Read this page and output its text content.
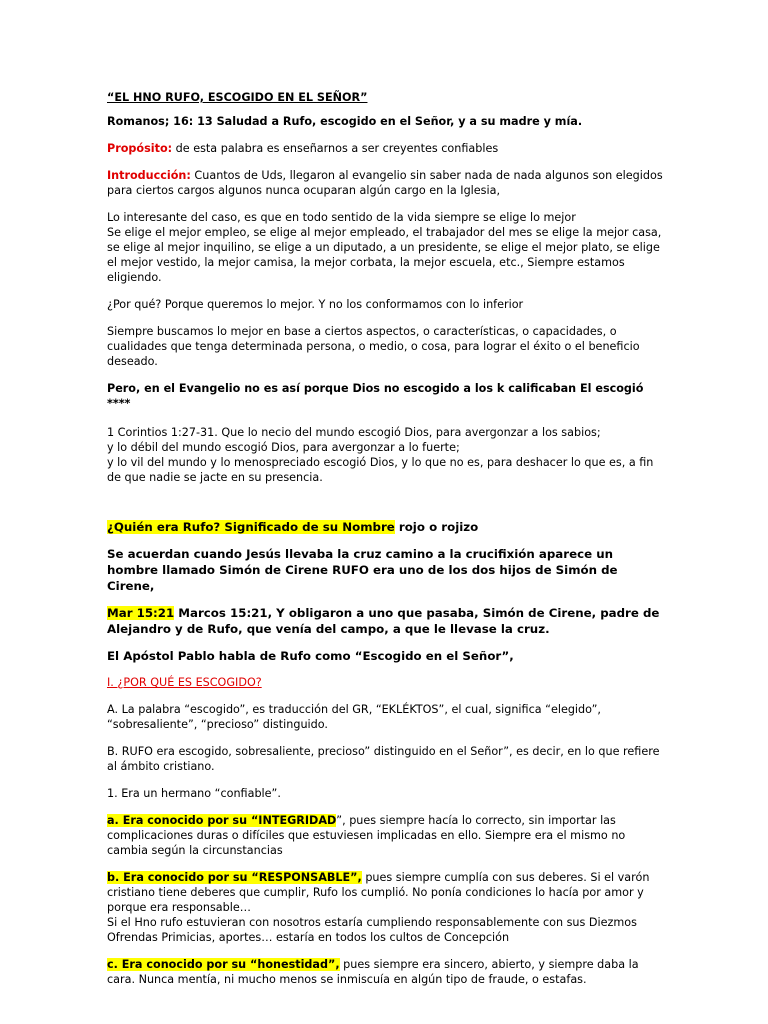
“EL HNO RUFO, ESCOGIDO EN EL SEÑOR”

Romanos; 16: 13 Saludad a Rufo, escogido en el Señor, y a su madre y mía.

Propósito: de esta palabra es enseñarnos a ser creyentes confiables

Introducción: Cuantos de Uds, llegaron al evangelio sin saber nada de nada algunos son elegidos para ciertos cargos algunos nunca ocuparan algún cargo en la Iglesia,

Lo interesante del caso, es que en todo sentido de la vida siempre se elige lo mejor

Se elige el mejor empleo, se elige al mejor empleado, el trabajador del mes se elige la mejor casa, se elige al mejor inquilino, se elige a un diputado, a un presidente, se elige el mejor plato, se elige el mejor vestido, la mejor camisa, la mejor corbata, la mejor escuela, etc., Siempre estamos eligiendo.

¿Por qué? Porque queremos lo mejor. Y no los conformamos con lo inferior

Siempre buscamos lo mejor en base a ciertos aspectos, o características, o capacidades, o cualidades que tenga determinada persona, o medio, o cosa, para lograr el éxito o el beneficio deseado.

Pero, en el Evangelio no es así porque Dios no escogido a los k calificaban El escogió ****

1 Corintios 1:27-31. Que lo necio del mundo escogió Dios, para avergonzar a los sabios;

y lo débil del mundo escogió Dios, para avergonzar a lo fuerte;

y lo vil del mundo y lo menospreciado escogió Dios, y lo que no es, para deshacer lo que es, a fin de que nadie se jacte en su presencia.

¿Quién era Rufo? Significado de su Nombre rojo o rojizo

Se acuerdan cuando Jesús llevaba la cruz camino a la crucifixión aparece un hombre llamado Simón de Cirene RUFO era uno de los dos hijos de Simón de Cirene,

Mar 15:21 Marcos 15:21, Y obligaron a uno que pasaba, Simón de Cirene, padre de Alejandro y de Rufo, que venía del campo, a que le llevase la cruz.

El Apóstol Pablo habla de Rufo como “Escogido en el Señor”,

I. ¿POR QUÉ ES ESCOGIDO?

A. La palabra “escogido”, es traducción del GR, “EKLÉKTOS”, el cual, significa “elegido”, “sobresaliente”, “precioso” distinguido.

B. RUFO era escogido, sobresaliente, precioso” distinguido en el Señor”, es decir, en lo que refiere al ámbito cristiano.

1. Era un hermano “confiable”.

a. Era conocido por su “INTEGRIDAD”, pues siempre hacía lo correcto, sin importar las complicaciones duras o difíciles que estuviesen implicadas en ello. Siempre era el mismo no cambia según la circunstancias

b. Era conocido por su “RESPONSABLE”, pues siempre cumplía con sus deberes. Si el varón cristiano tiene deberes que cumplir, Rufo los cumplió. No ponía condiciones lo hacía por amor y porque era responsable…

Si el Hno rufo estuvieran con nosotros estaría cumpliendo responsablemente con sus Diezmos Ofrendas Primicias, aportes… estaría en todos los cultos de Concepción

c. Era conocido por su “honestidad”, pues siempre era sincero, abierto, y siempre daba la cara. Nunca mentía, ni mucho menos se inmiscuía en algún tipo de fraude, o estafas.
